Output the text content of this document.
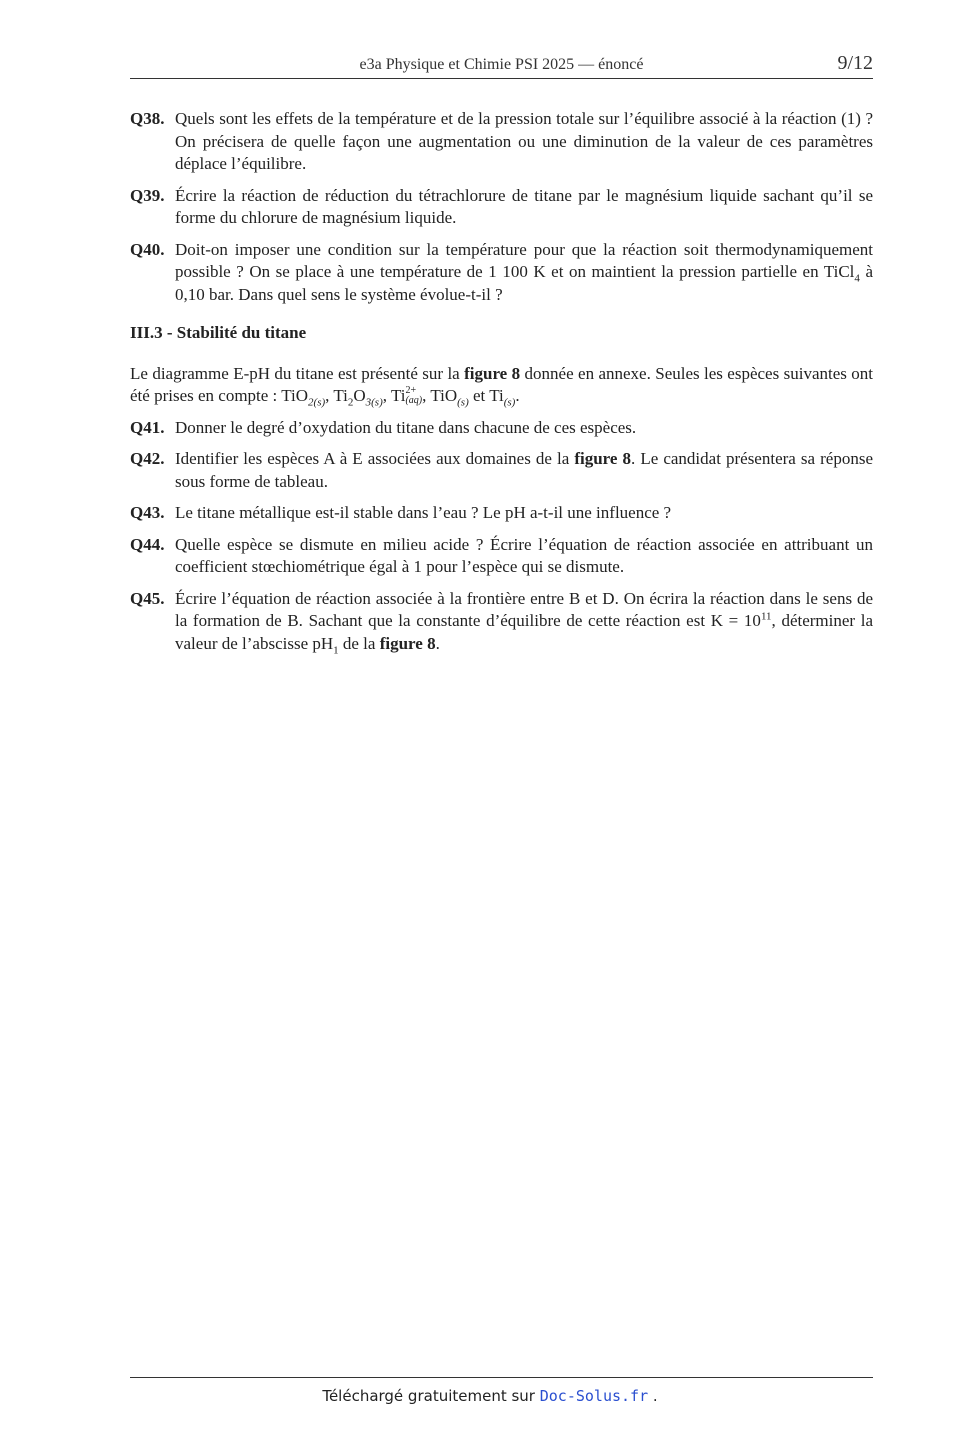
e3a Physique et Chimie PSI 2025 — énoncé	9/12
Q38. Quels sont les effets de la température et de la pression totale sur l’équilibre associé à la réaction (1) ? On précisera de quelle façon une augmentation ou une diminution de la valeur de ces paramètres déplace l’équilibre.
Q39. Écrire la réaction de réduction du tétrachlorure de titane par le magnésium liquide sachant qu’il se forme du chlorure de magnésium liquide.
Q40. Doit-on imposer une condition sur la température pour que la réaction soit thermodynamiquement possible ? On se place à une température de 1 100 K et on maintient la pression partielle en TiCl$_4$ à 0,10 bar. Dans quel sens le système évolue-t-il ?
III.3 - Stabilité du titane
Le diagramme E-pH du titane est présenté sur la figure 8 donnée en annexe. Seules les espèces suivantes ont été prises en compte : TiO$_{2(s)}$, $Ti_2O_{3(s)}$, Ti 2+
(aq) , TiO$_{(s)}$ et $Ti_{(s)}$.
Q41. Donner le degré d’oxydation du titane dans chacune de ces espèces.
Q42. Identifier les espèces A à E associées aux domaines de la figure 8. Le candidat présentera sa réponse sous forme de tableau.
Q43. Le titane métallique est-il stable dans l’eau ? Le pH a-t-il une influence ?
Q44. Quelle espèce se dismute en milieu acide ? Écrire l’équation de réaction associée en attribuant un coefficient stœchiométrique égal à 1 pour l’espèce qui se dismute.
Q45. Écrire l’équation de réaction associée à la frontière entre B et D. On écrira la réaction dans le sens de la formation de B. Sachant que la constante d’équilibre de cette réaction est $K = 10^{11}$, déterminer la valeur de l’abscisse $pH_1$ de la figure 8.
Téléchargé gratuitement sur Doc-Solus.fr .
